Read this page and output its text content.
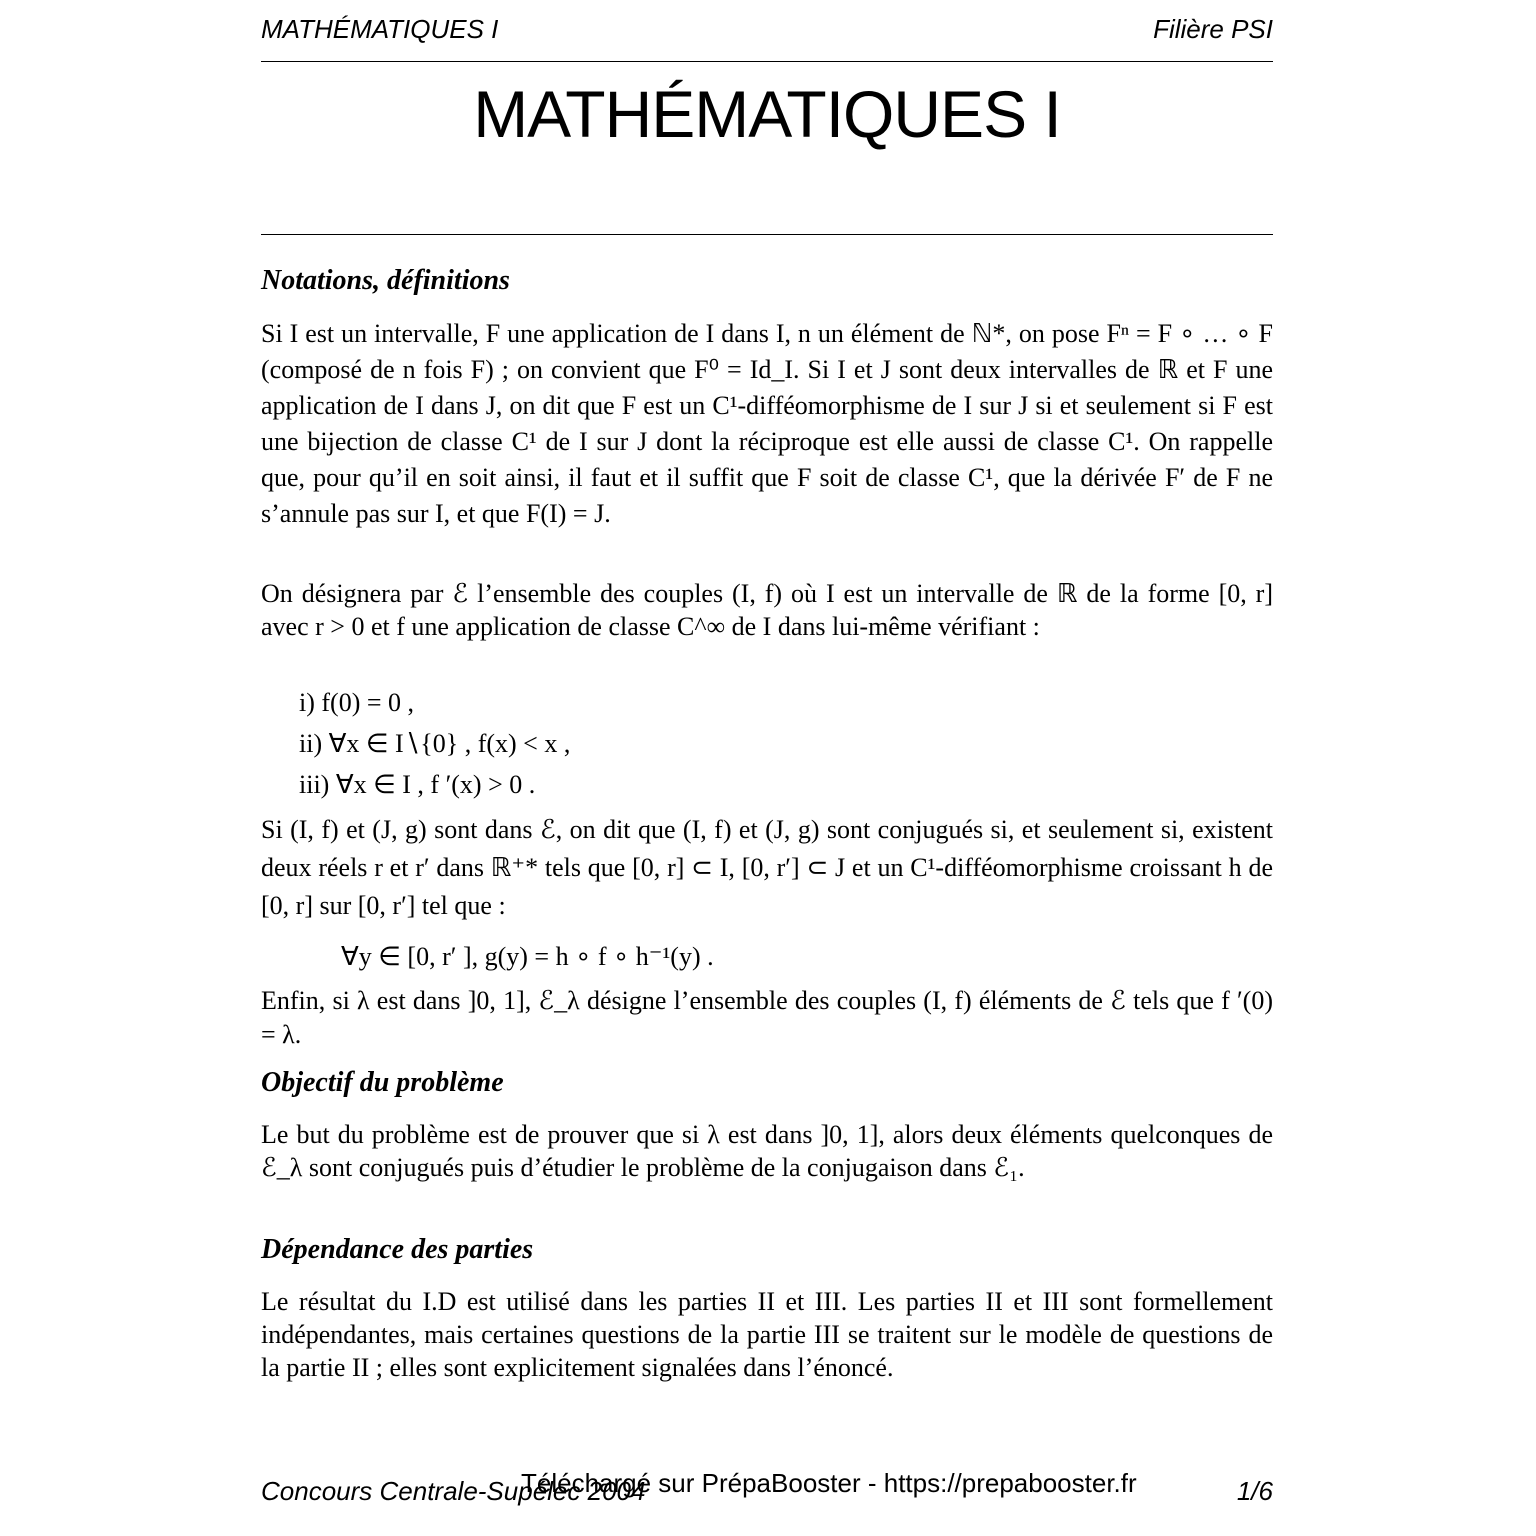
MATHÉMATIQUES I	Filière PSI
MATHÉMATIQUES I
Notations, définitions

Si I est un intervalle, F une application de I dans I, n un élément de ℕ*, on pose Fⁿ = F ∘ … ∘ F (composé de n fois F) ; on convient que F⁰ = Id_I. Si I et J sont deux intervalles de ℝ et F une application de I dans J, on dit que F est un C¹-difféomorphisme de I sur J si et seulement si F est une bijection de classe C¹ de I sur J dont la réciproque est elle aussi de classe C¹. On rappelle que, pour qu’il en soit ainsi, il faut et il suffit que F soit de classe C¹, que la dérivée F′ de F ne s’annule pas sur I, et que F(I) = J.

On désignera par ℰ l’ensemble des couples (I, f) où I est un intervalle de ℝ de la forme [0, r] avec r > 0 et f une application de classe C^∞ de I dans lui-même vérifiant :

i) f(0) = 0 ,
ii) ∀x ∈ I∖{0} , f(x) < x ,
iii) ∀x ∈ I , f ′(x) > 0 .

Si (I, f) et (J, g) sont dans ℰ, on dit que (I, f) et (J, g) sont conjugués si, et seulement si, existent deux réels r et r′ dans ℝ⁺* tels que [0, r] ⊂ I, [0, r′] ⊂ J et un C¹-difféomorphisme croissant h de [0, r] sur [0, r′] tel que :

∀y ∈ [0, r′ ], g(y) = h ∘ f ∘ h⁻¹(y) .

Enfin, si λ est dans ]0, 1], ℰ_λ désigne l’ensemble des couples (I, f) éléments de ℰ tels que f ′(0) = λ.

Objectif du problème

Le but du problème est de prouver que si λ est dans ]0, 1], alors deux éléments quelconques de ℰ_λ sont conjugués puis d’étudier le problème de la conjugaison dans ℰ₁.

Dépendance des parties

Le résultat du I.D est utilisé dans les parties II et III. Les parties II et III sont formellement indépendantes, mais certaines questions de la partie III se traitent sur le modèle de questions de la partie II ; elles sont explicitement signalées dans l’énoncé.

Concours Centrale-Supélec 2004
Téléchargé sur PrépaBooster - https://prepabooster.fr	1/6
